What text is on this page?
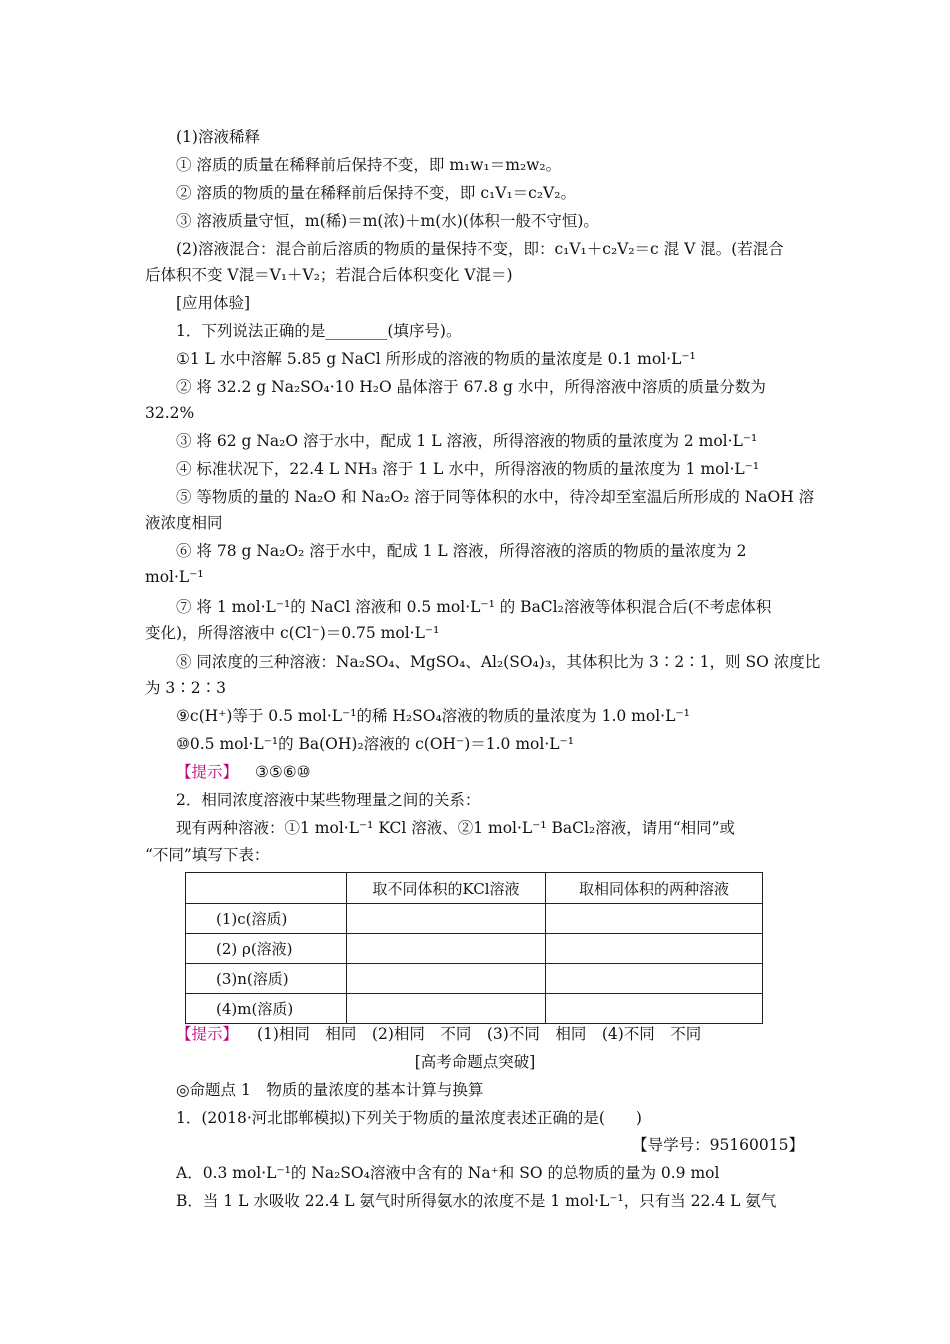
(1)溶液稀释
① 溶质的质量在稀释前后保持不变，即 m₁w₁＝m₂w₂。
② 溶质的物质的量在稀释前后保持不变，即 c₁V₁＝c₂V₂。
③ 溶液质量守恒，m(稀)＝m(浓)＋m(水)(体积一般不守恒)。
(2)溶液混合：混合前后溶质的物质的量保持不变，即：c₁V₁＋c₂V₂＝c 混 V 混。(若混合
后体积不变 V混＝V₁＋V₂；若混合后体积变化 V混＝)
[应用体验]
1．下列说法正确的是________(填序号)。
①1 L 水中溶解 5.85 g NaCl 所形成的溶液的物质的量浓度是 0.1 mol·L⁻¹
② 将 32.2 g Na₂SO₄·10 H₂O 晶体溶于 67.8 g 水中，所得溶液中溶质的质量分数为
32.2%
③ 将 62 g Na₂O 溶于水中，配成 1 L 溶液，所得溶液的物质的量浓度为 2 mol·L⁻¹
④ 标准状况下，22.4 L NH₃ 溶于 1 L 水中，所得溶液的物质的量浓度为 1 mol·L⁻¹
⑤ 等物质的量的 Na₂O 和 Na₂O₂ 溶于同等体积的水中，待冷却至室温后所形成的 NaOH 溶
液浓度相同
⑥ 将 78 g Na₂O₂ 溶于水中，配成 1 L 溶液，所得溶液的溶质的物质的量浓度为 2
mol·L⁻¹
⑦ 将 1 mol·L⁻¹的 NaCl 溶液和 0.5 mol·L⁻¹ 的 BaCl₂溶液等体积混合后(不考虑体积
变化)，所得溶液中 c(Cl⁻)＝0.75 mol·L⁻¹
⑧ 同浓度的三种溶液：Na₂SO₄、MgSO₄、Al₂(SO₄)₃，其体积比为 3∶2∶1，则 SO 浓度比
为 3∶2∶3
⑨c(H⁺)等于 0.5 mol·L⁻¹的稀 H₂SO₄溶液的物质的量浓度为 1.0 mol·L⁻¹
⑩0.5 mol·L⁻¹的 Ba(OH)₂溶液的 c(OH⁻)＝1.0 mol·L⁻¹
【提示】 ③⑤⑥⑩
2．相同浓度溶液中某些物理量之间的关系：
现有两种溶液：①1 mol·L⁻¹ KCl 溶液、②1 mol·L⁻¹ BaCl₂溶液，请用“相同”或
“不同”填写下表：
	取不同体积的KCl溶液	取相同体积的两种溶液
(1)c(溶质)		
(2) ρ(溶液)		
(3)n(溶质)		
(4)m(溶质)		
【提示】 (1)相同　相同　(2)相同　不同　(3)不同　相同　(4)不同　不同
[高考命题点突破]
◎命题点 1　物质的量浓度的基本计算与换算
1．(2018·河北邯郸模拟)下列关于物质的量浓度表述正确的是(　　)
【导学号：95160015】
A．0.3 mol·L⁻¹的 Na₂SO₄溶液中含有的 Na⁺和 SO 的总物质的量为 0.9 mol
B．当 1 L 水吸收 22.4 L 氨气时所得氨水的浓度不是 1 mol·L⁻¹，只有当 22.4 L 氨气
